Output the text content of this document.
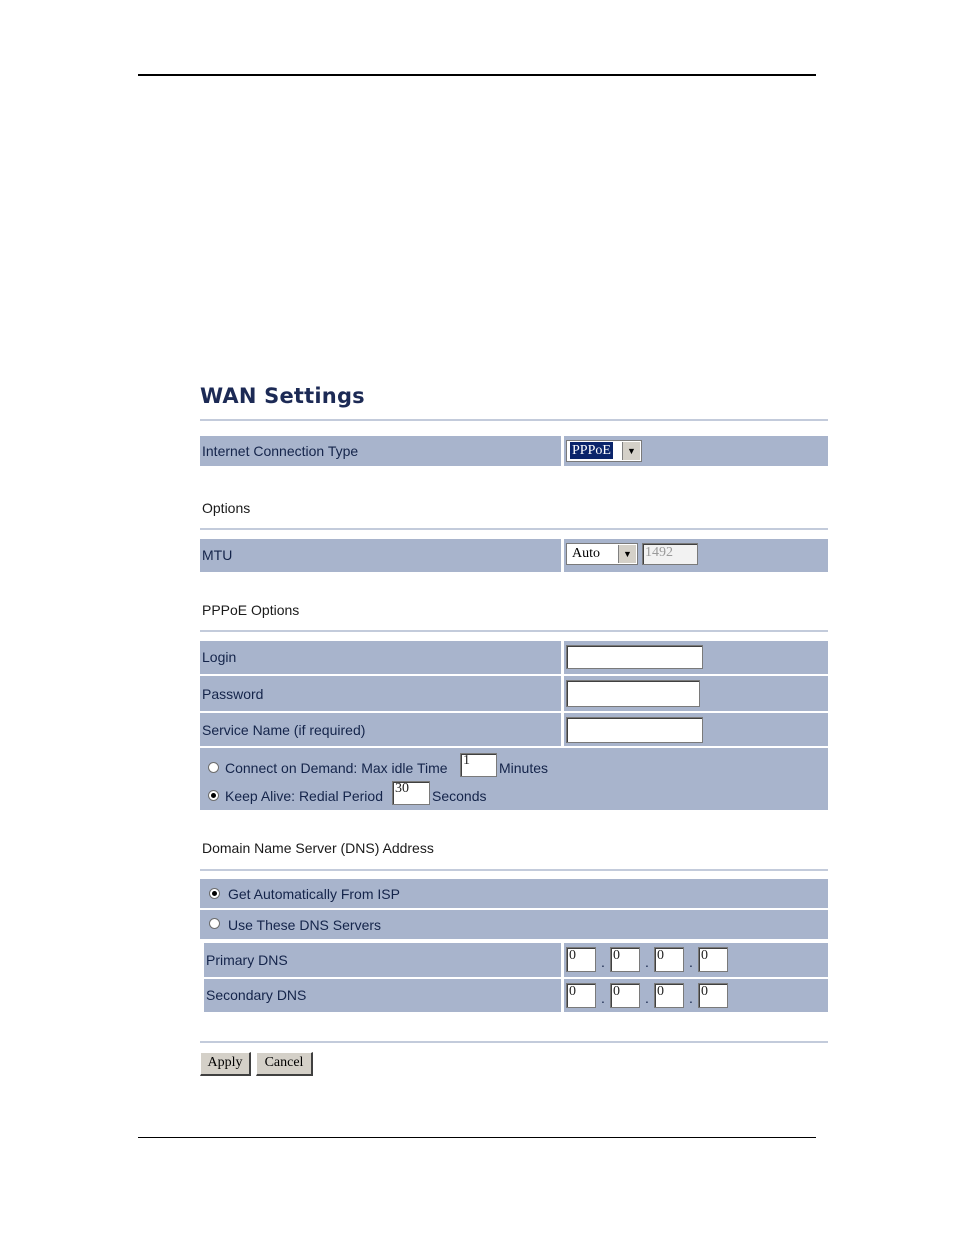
WAN Settings
Internet Connection Type	PPPoE	▼
Options
MTU	Auto	▼ 1492
PPPoE Options
Login
Password
Service Name (if required)
Connect on Demand: Max idle Time 1	Minutes
Keep Alive: Redial Period 30	Seconds
Domain Name Server (DNS) Address
Get Automatically From ISP
Use These DNS Servers
Primary DNS	0	. 0	. 0	. 0
Secondary DNS	0	. 0	. 0	. 0
Apply	Cancel
